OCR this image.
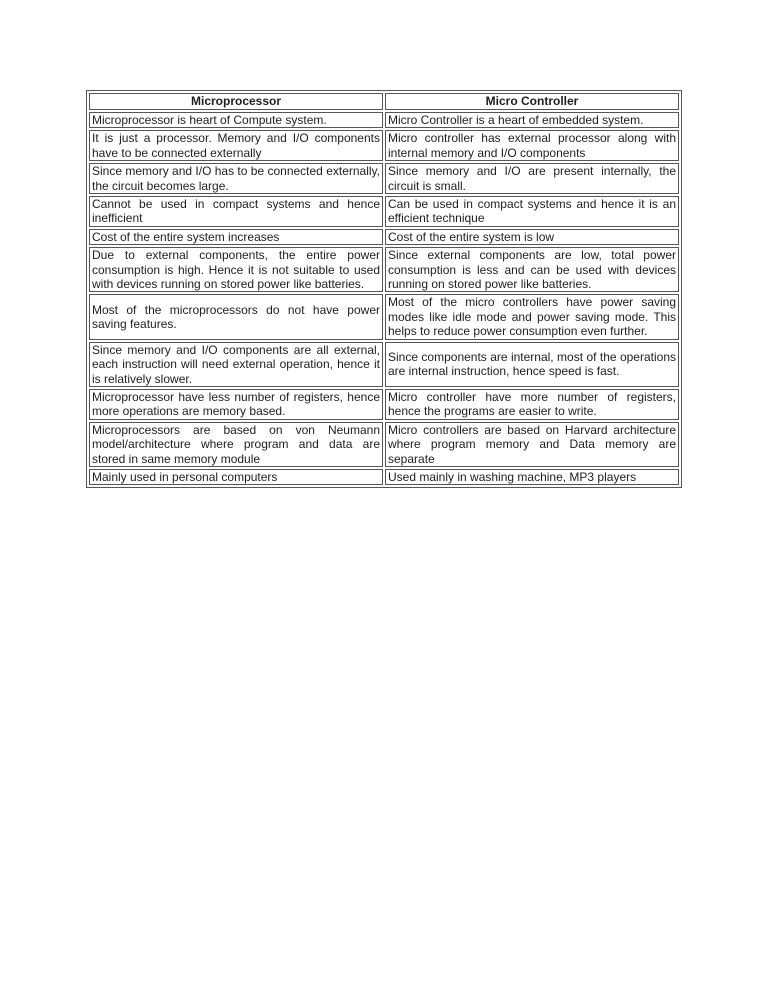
Microprocessor	Micro Controller
Microprocessor is heart of Compute system.	Micro Controller is a heart of embedded system.
It is just a processor. Memory and I/O components have to be connected externally	Micro controller has external processor along with internal memory and I/O components
Since memory and I/O has to be connected externally, the circuit becomes large.	Since memory and I/O are present internally, the circuit is small.
Cannot be used in compact systems and hence inefficient	Can be used in compact systems and hence it is an efficient technique
Cost of the entire system increases	Cost of the entire system is low
Due to external components, the entire power consumption is high. Hence it is not suitable to used with devices running on stored power like batteries.	Since external components are low, total power consumption is less and can be used with devices running on stored power like batteries.
Most of the microprocessors do not have power saving features.	Most of the micro controllers have power saving modes like idle mode and power saving mode. This helps to reduce power consumption even further.
Since memory and I/O components are all external, each instruction will need external operation, hence it is relatively slower.	Since components are internal, most of the operations are internal instruction, hence speed is fast.
Microprocessor have less number of registers, hence more operations are memory based.	Micro controller have more number of registers, hence the programs are easier to write.
Microprocessors are based on von Neumann model/architecture where program and data are stored in same memory module	Micro controllers are based on Harvard architecture where program memory and Data memory are separate
Mainly used in personal computers	Used mainly in washing machine, MP3 players
